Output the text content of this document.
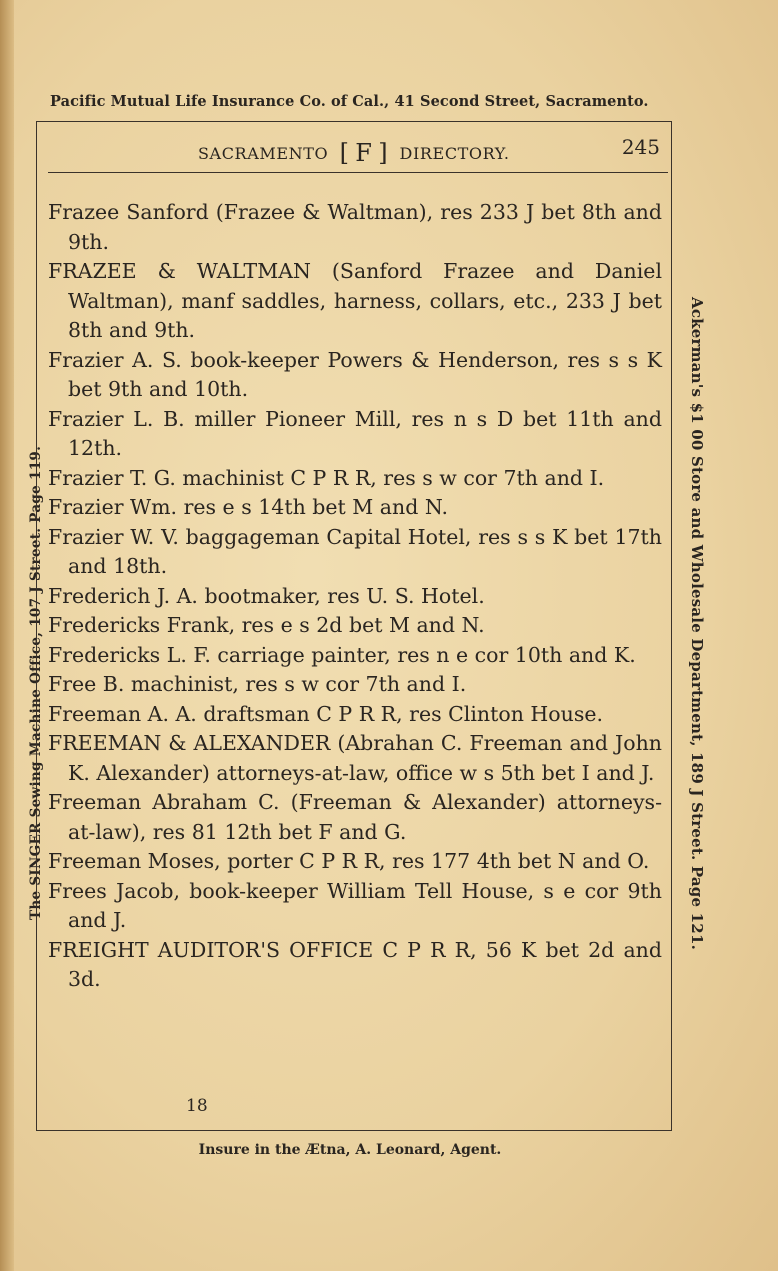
Pacific Mutual Life Insurance Co. of Cal., 41 Second Street, Sacramento.
The SINGER Sewing Machine Office, 107 J Street. Page 119.	Ackerman's $1 00 Store and Wholesale Department, 189 J Street. Page 121.
SACRAMENTO [ F ] DIRECTORY.	245
Frazee Sanford (Frazee & Waltman), res 233 J bet 8th and 9th.
FRAZEE & WALTMAN (Sanford Frazee and Daniel Waltman), manf saddles, harness, collars, etc., 233 J bet 8th and 9th.
Frazier A. S. book-keeper Powers & Henderson, res s s K bet 9th and 10th.
Frazier L. B. miller Pioneer Mill, res n s D bet 11th and 12th.
Frazier T. G. machinist C P R R, res s w cor 7th and I.
Frazier Wm. res e s 14th bet M and N.
Frazier W. V. baggageman Capital Hotel, res s s K bet 17th and 18th.
Frederich J. A. bootmaker, res U. S. Hotel.
Fredericks Frank, res e s 2d bet M and N.
Fredericks L. F. carriage painter, res n e cor 10th and K.
Free B. machinist, res s w cor 7th and I.
Freeman A. A. draftsman C P R R, res Clinton House.
FREEMAN & ALEXANDER (Abrahan C. Freeman and John K. Alexander) attorneys-at-law, office w s 5th bet I and J.
Freeman Abraham C. (Freeman & Alexander) attorneys-at-law), res 81 12th bet F and G.
Freeman Moses, porter C P R R, res 177 4th bet N and O.
Frees Jacob, book-keeper William Tell House, s e cor 9th and J.
FREIGHT AUDITOR'S OFFICE C P R R, 56 K bet 2d and 3d.
18
Insure in the Ætna, A. Leonard, Agent.
